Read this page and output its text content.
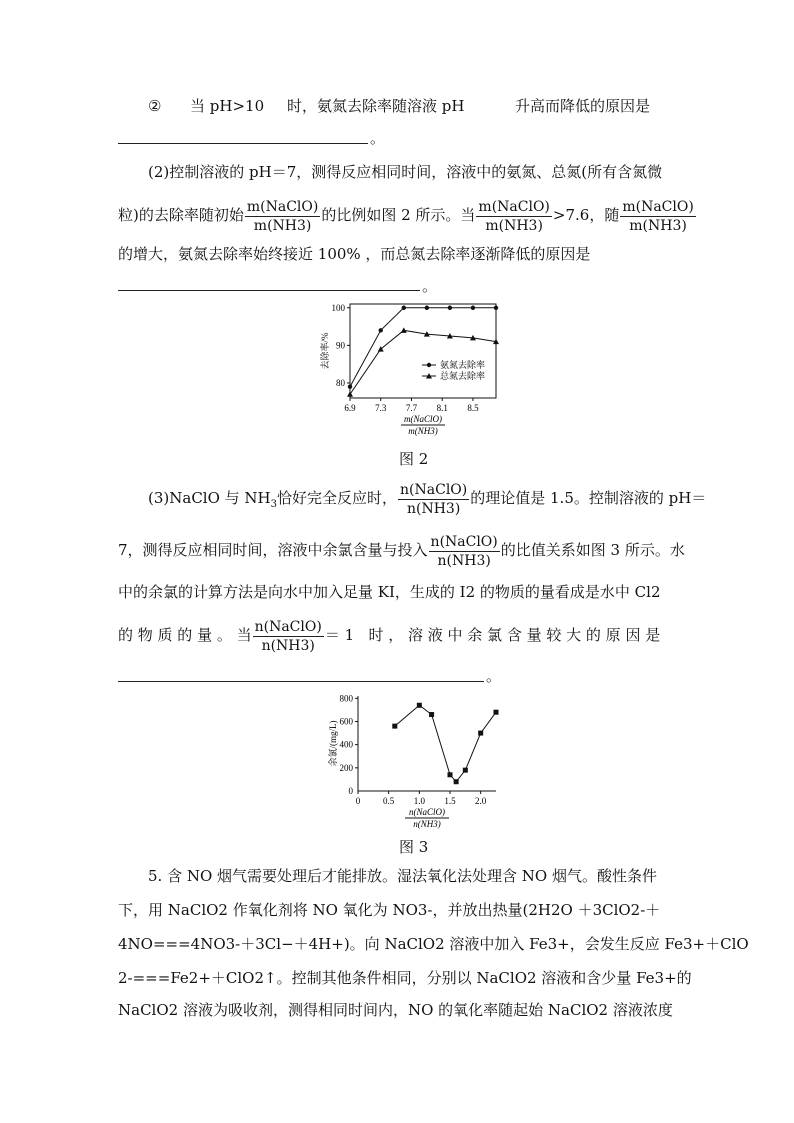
② 当 pH>10 时，氨氮去除率随溶液 pH	升高而降低的原因是
。
(2)控制溶液的 pH＝7，测得反应相同时间，溶液中的氨氮、总氮(所有含氮微
粒)的去除率随初始 $\frac{\text{m(NaClO)}}{m(NH3)}$ 的比例如图 2 所示。当 $\frac{\text{m(NaClO)}}{m(NH3)} >7.6$，随 $\frac{\text{m(NaClO)}}{m(NH3)}$
的增大，氨氮去除率始终接近 100% ，而总氮去除率逐渐降低的原因是
。
6.9 7.3 7.7 8.1 8.5
80
90
100
去除率/%
m(NaClO)
m(NH3)
氨氮去除率
总氮去除率
图 2
(3)NaClO 与 $NH_3$恰好完全反应时， $\frac{\text{n(NaClO)}}{n(NH3)}$ 的理论值是 1.5。控制溶液的 pH＝
7，测得反应相同时间，溶液中余氯含量与投入 $\frac{\text{n(NaClO)}}{n(NH3)}$ 的比值关系如图 3 所示。水
中的余氯的计算方法是向水中加入足量 KI，生成的 I2 的物质的量看成是水中 Cl2
的 物 质 的 量 。 当 $\frac{\text{n(NaClO)}}{n(NH3)} = 1$ 时 ， 溶 液 中 余 氯 含 量 较 大 的 原 因 是
。
0	0.5 1.0 1.5 2.0
200
400
600
800
0
余氯/(mg/L)
n(NaClO)
n(NH3)
图 3
5. 含 NO 烟气需要处理后才能排放。湿法氧化法处理含 NO 烟气。酸性条件
下，用 NaClO2 作氧化剂将 NO 氧化为 NO3-，并放出热量(2H2O ＋3ClO2-＋
4NO===4NO3-＋3Cl−＋4H+)。向 NaClO2 溶液中加入 Fe3+，会发生反应 Fe3+＋ClO
2-===Fe2+＋ClO2↑。控制其他条件相同，分别以 NaClO2 溶液和含少量 Fe3+的
NaClO2 溶液为吸收剂，测得相同时间内，NO 的氧化率随起始 NaClO2 溶液浓度
